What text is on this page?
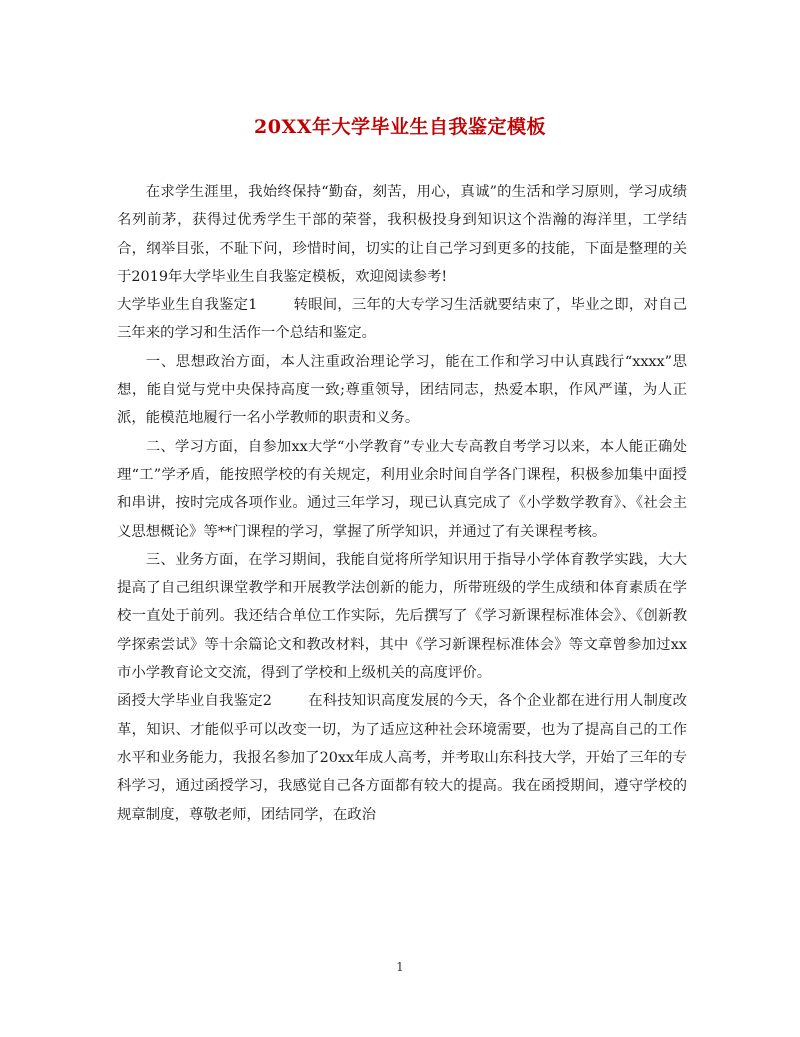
20XX年大学毕业生自我鉴定模板

在求学生涯里，我始终保持“勤奋，刻苦，用心，真诚”的生活和学习原则，学习成绩名列前茅，获得过优秀学生干部的荣誉，我积极投身到知识这个浩瀚的海洋里，工学结合，纲举目张，不耻下问，珍惜时间，切实的让自己学习到更多的技能，下面是整理的关于2019年大学毕业生自我鉴定模板，欢迎阅读参考!

大学毕业生自我鉴定1	转眼间，三年的大专学习生活就要结束了，毕业之即，对自己三年来的学习和生活作一个总结和鉴定。

一、思想政治方面，本人注重政治理论学习，能在工作和学习中认真践行“xxxx”思想，能自觉与党中央保持高度一致;尊重领导，团结同志，热爱本职，作风严谨，为人正派，能模范地履行一名小学教师的职责和义务。

二、学习方面，自参加xx大学“小学教育”专业大专高教自考学习以来，本人能正确处理“工”学矛盾，能按照学校的有关规定，利用业余时间自学各门课程，积极参加集中面授和串讲，按时完成各项作业。通过三年学习，现已认真完成了《小学数学教育》、《社会主义思想概论》等**门课程的学习，掌握了所学知识，并通过了有关课程考核。

三、业务方面，在学习期间，我能自觉将所学知识用于指导小学体育教学实践，大大提高了自己组织课堂教学和开展教学法创新的能力，所带班级的学生成绩和体育素质在学校一直处于前列。我还结合单位工作实际，先后撰写了《学习新课程标准体会》、《创新教学探索尝试》等十余篇论文和教改材料，其中《学习新课程标准体会》等文章曾参加过xx市小学教育论文交流，得到了学校和上级机关的高度评价。

函授大学毕业自我鉴定2	在科技知识高度发展的今天，各个企业都在进行用人制度改革，知识、才能似乎可以改变一切，为了适应这种社会环境需要，也为了提高自己的工作水平和业务能力，我报名参加了20xx年成人高考，并考取山东科技大学，开始了三年的专科学习，通过函授学习，我感觉自己各方面都有较大的提高。我在函授期间，遵守学校的规章制度，尊敬老师，团结同学，在政治

1
